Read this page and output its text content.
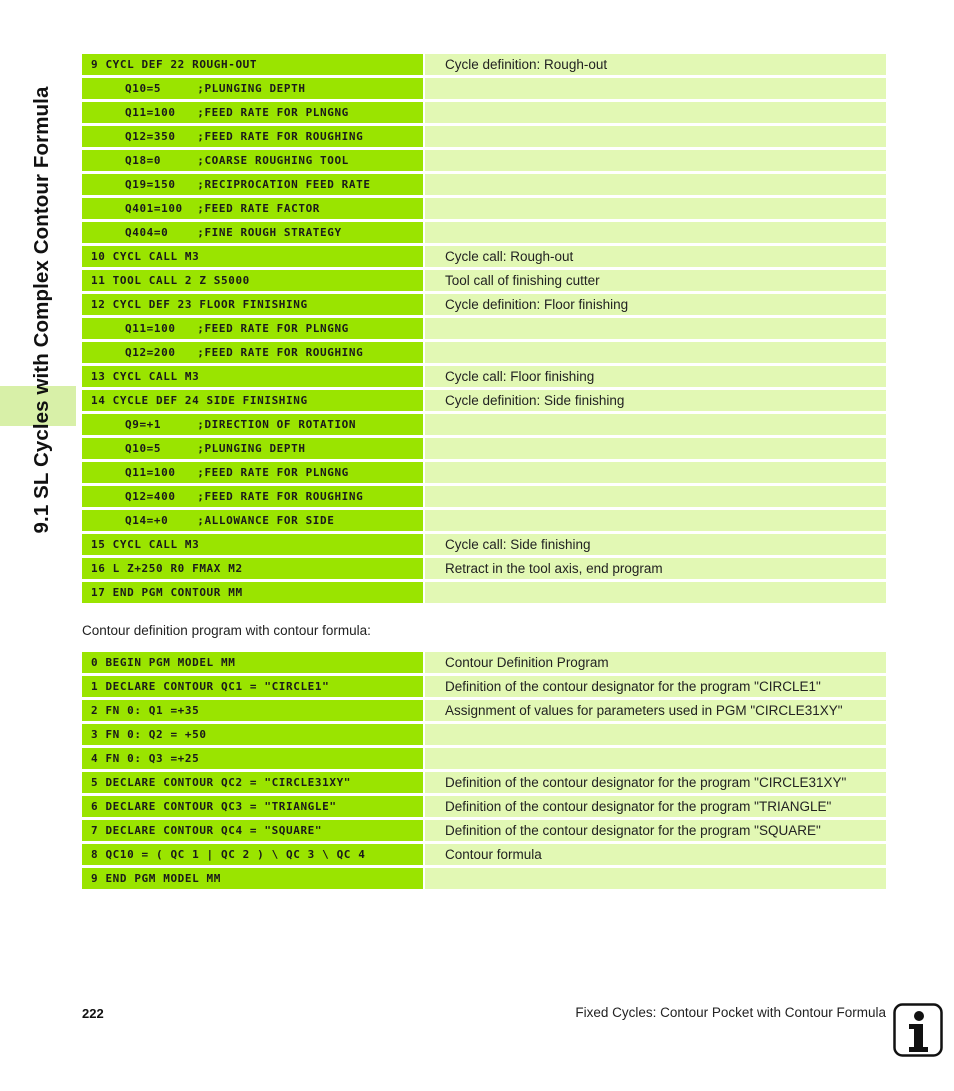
9.1 SL Cycles with Complex Contour Formula
9 CYCL DEF 22 ROUGH-OUT		Cycle definition: Rough-out
Q10=5     ;PLUNGING DEPTH		
Q11=100   ;FEED RATE FOR PLNGNG		
Q12=350   ;FEED RATE FOR ROUGHING		
Q18=0     ;COARSE ROUGHING TOOL		
Q19=150   ;RECIPROCATION FEED RATE		
Q401=100  ;FEED RATE FACTOR		
Q404=0    ;FINE ROUGH STRATEGY		
10 CYCL CALL M3		Cycle call: Rough-out
11 TOOL CALL 2 Z S5000		Tool call of finishing cutter
12 CYCL DEF 23 FLOOR FINISHING		Cycle definition: Floor finishing
Q11=100   ;FEED RATE FOR PLNGNG		
Q12=200   ;FEED RATE FOR ROUGHING		
13 CYCL CALL M3		Cycle call: Floor finishing
14 CYCLE DEF 24 SIDE FINISHING		Cycle definition: Side finishing
Q9=+1     ;DIRECTION OF ROTATION		
Q10=5     ;PLUNGING DEPTH		
Q11=100   ;FEED RATE FOR PLNGNG		
Q12=400   ;FEED RATE FOR ROUGHING		
Q14=+0    ;ALLOWANCE FOR SIDE		
15 CYCL CALL M3		Cycle call: Side finishing
16 L Z+250 R0 FMAX M2		Retract in the tool axis, end program
17 END PGM CONTOUR MM		
Contour definition program with contour formula:
0 BEGIN PGM MODEL MM		Contour Definition Program
1 DECLARE CONTOUR QC1 = "CIRCLE1"		Definition of the contour designator for the program "CIRCLE1"
2 FN 0: Q1 =+35		Assignment of values for parameters used in PGM "CIRCLE31XY"
3 FN 0: Q2 = +50		
4 FN 0: Q3 =+25		
5 DECLARE CONTOUR QC2 = "CIRCLE31XY"		Definition of the contour designator for the program "CIRCLE31XY"
6 DECLARE CONTOUR QC3 = "TRIANGLE"		Definition of the contour designator for the program "TRIANGLE"
7 DECLARE CONTOUR QC4 = "SQUARE"		Definition of the contour designator for the program "SQUARE"
8 QC10 = ( QC 1 | QC 2 ) \ QC 3 \ QC 4		Contour formula
9 END PGM MODEL MM		
222	Fixed Cycles: Contour Pocket with Contour Formula
